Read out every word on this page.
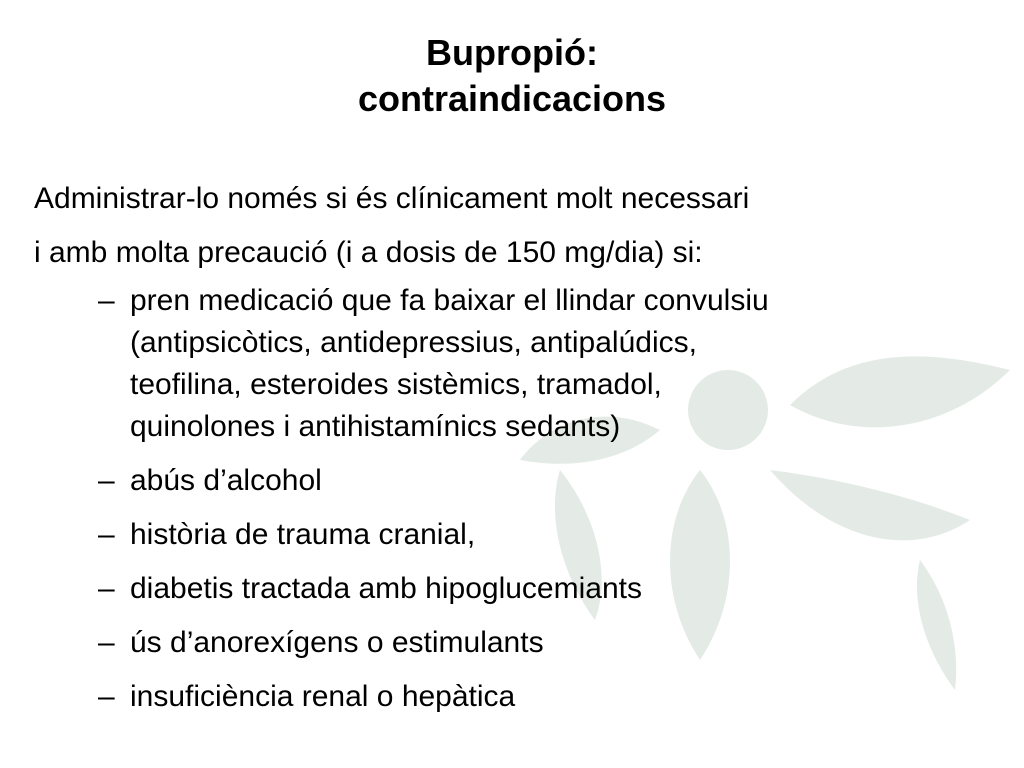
Bupropió:
contraindicacions
Administrar-lo només si és clínicament molt necessari
i amb molta precaució (i a dosis de 150 mg/dia) si:
– pren medicació que fa baixar el llindar convulsiu
(antipsicòtics, antidepressius, antipalúdics,
teofilina, esteroides sistèmics, tramadol,
quinolones i antihistamínics sedants)
– abús d’alcohol
– història de trauma cranial,
– diabetis tractada amb hipoglucemiants
– ús d’anorexígens o estimulants
– insuficiència renal o hepàtica
